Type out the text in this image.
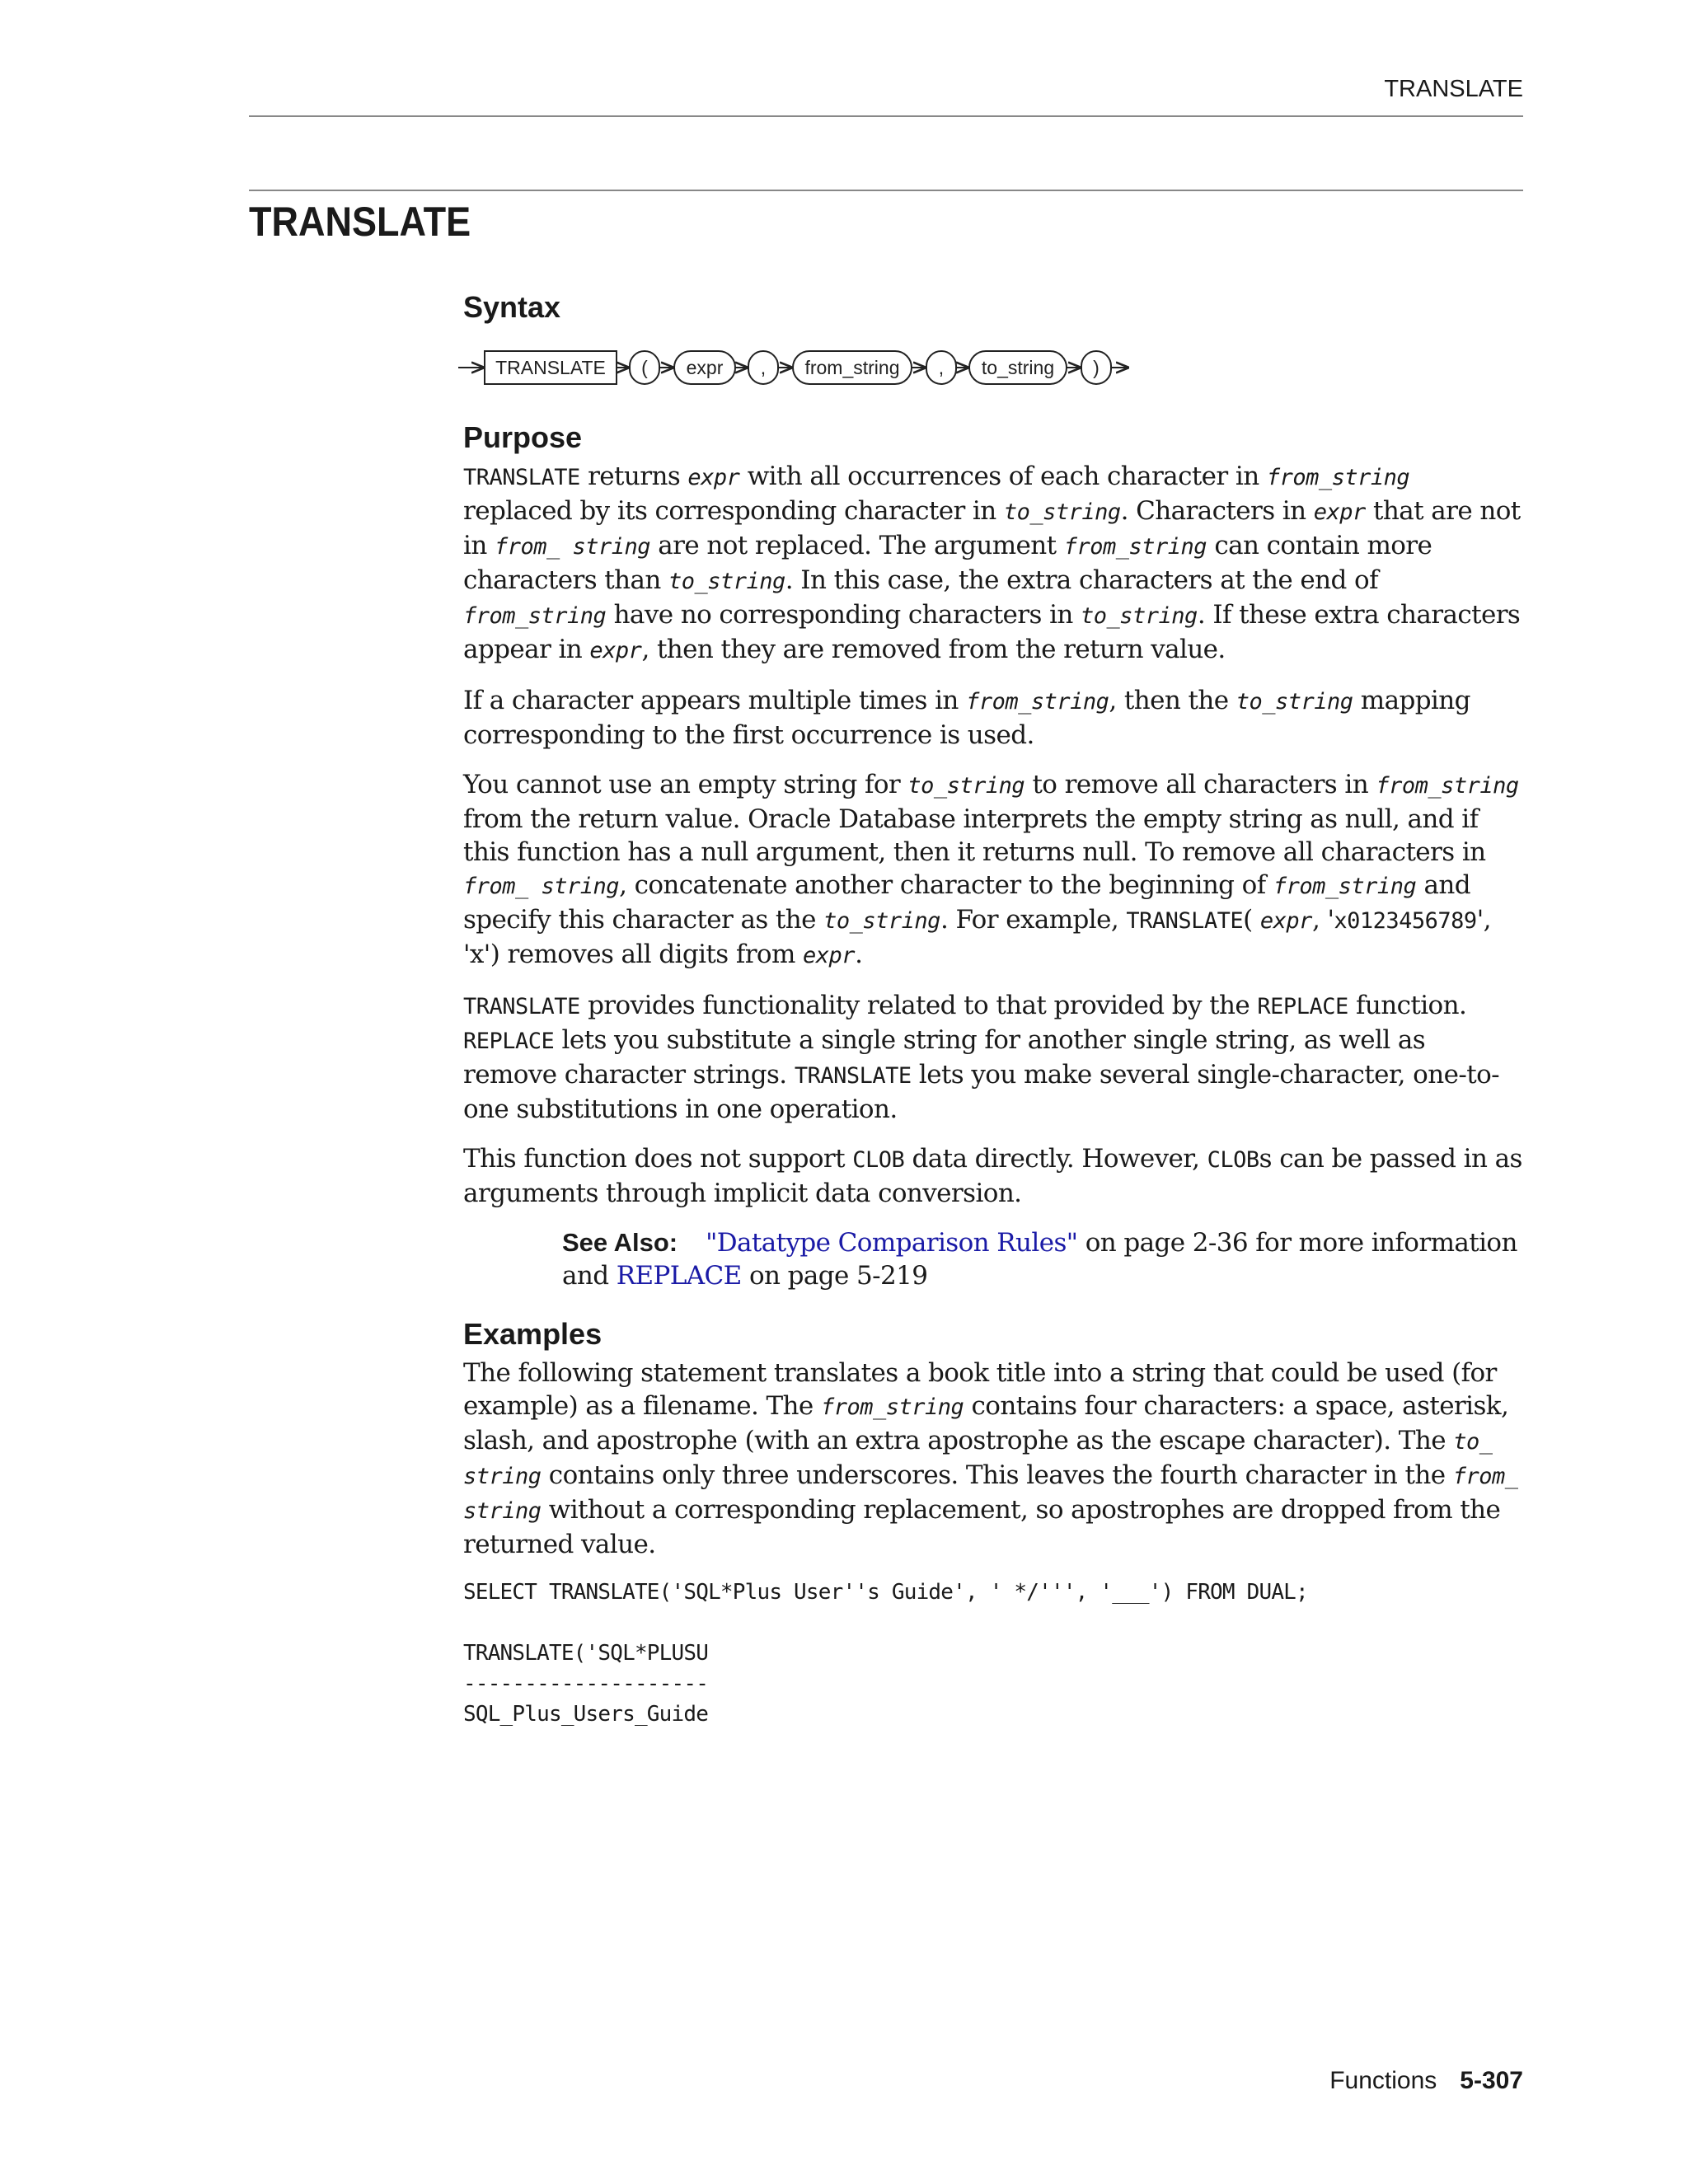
TRANSLATE
TRANSLATE
Syntax
TRANSLATE ( expr , from_string , to_string )
Purpose

TRANSLATE returns expr with all occurrences of each character in from_string replaced by its corresponding character in to_string. Characters in expr that are not in from_ string are not replaced. The argument from_string can contain more characters than to_string. In this case, the extra characters at the end of from_string have no corresponding characters in to_string. If these extra characters appear in expr, then they are removed from the return value.

If a character appears multiple times in from_string, then the to_string mapping corresponding to the first occurrence is used.

You cannot use an empty string for to_string to remove all characters in from_string from the return value. Oracle Database interprets the empty string as null, and if this function has a null argument, then it returns null. To remove all characters in from_ string, concatenate another character to the beginning of from_string and specify this character as the to_string. For example, TRANSLATE( expr, 'x0123456789', 'x') removes all digits from expr.

TRANSLATE provides functionality related to that provided by the REPLACE function. REPLACE lets you substitute a single string for another single string, as well as remove character strings. TRANSLATE lets you make several single-character, one-to-one substitutions in one operation.

This function does not support CLOB data directly. However, CLOBs can be passed in as arguments through implicit data conversion.

See Also: "Datatype Comparison Rules" on page 2-36 for more information and REPLACE on page 5-219
Examples

The following statement translates a book title into a string that could be used (for example) as a filename. The from_string contains four characters: a space, asterisk, slash, and apostrophe (with an extra apostrophe as the escape character). The to_ string contains only three underscores. This leaves the fourth character in the from_ string without a corresponding replacement, so apostrophes are dropped from the returned value.

SELECT TRANSLATE('SQL*Plus User''s Guide', ' */''', '___') FROM DUAL;

TRANSLATE('SQL*PLUSU
--------------------
SQL_Plus_Users_Guide
Functions 5-307
